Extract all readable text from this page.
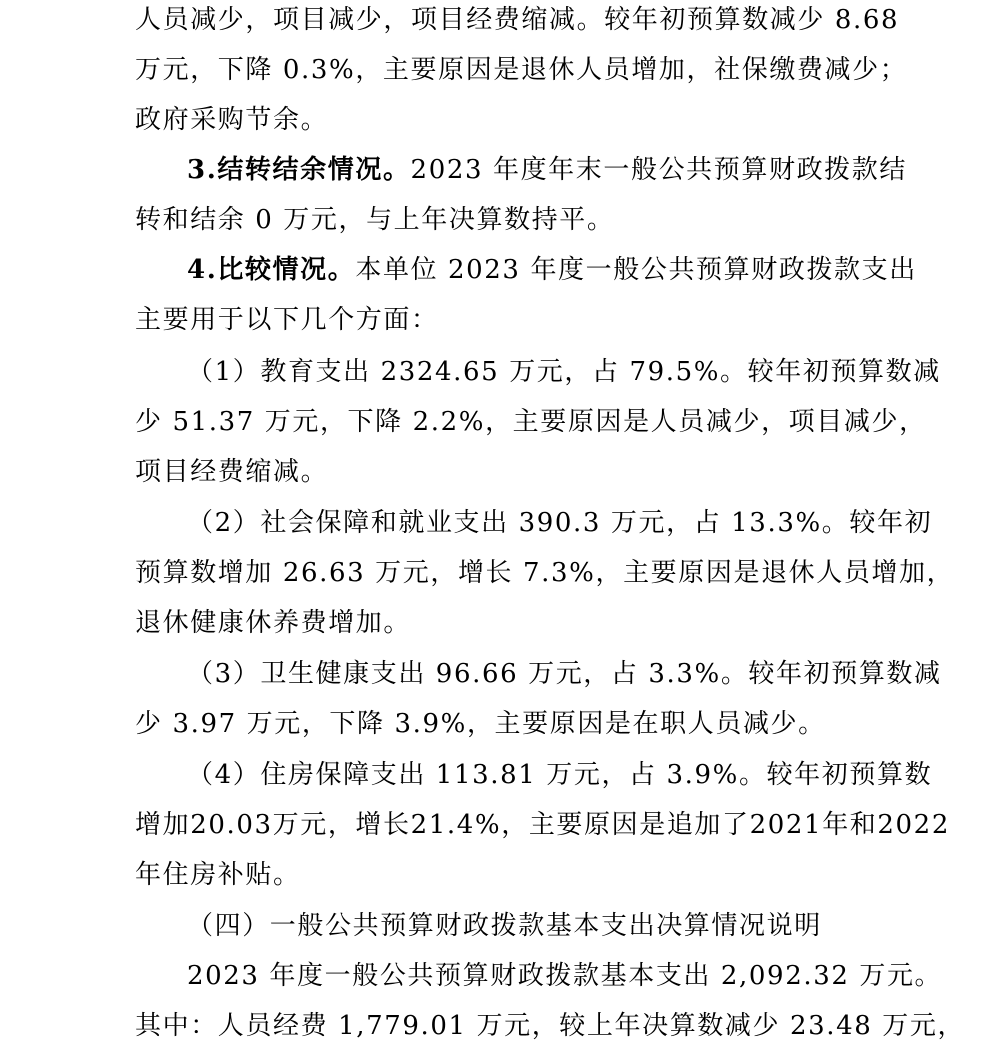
人员减少，项目减少，项目经费缩减。较年初预算数减少 8.68

万元，下降 0.3%，主要原因是退休人员增加，社保缴费减少；

政府采购节余。

3.结转结余情况。2023 年度年末一般公共预算财政拨款结

转和结余 0 万元，与上年决算数持平。

4.比较情况。本单位 2023 年度一般公共预算财政拨款支出

主要用于以下几个方面：

（1）教育支出 2324.65 万元，占 79.5%。较年初预算数减

少 51.37 万元，下降 2.2%，主要原因是人员减少，项目减少，

项目经费缩减。

（2）社会保障和就业支出 390.3 万元，占 13.3%。较年初

预算数增加 26.63 万元，增长 7.3%，主要原因是退休人员增加，

退休健康休养费增加。

（3）卫生健康支出 96.66 万元，占 3.3%。较年初预算数减

少 3.97 万元，下降 3.9%，主要原因是在职人员减少。

（4）住房保障支出 113.81 万元，占 3.9%。较年初预算数

增加20.03万元，增长21.4%，主要原因是追加了2021年和2022

年住房补贴。

（四）一般公共预算财政拨款基本支出决算情况说明

2023 年度一般公共预算财政拨款基本支出 2,092.32 万元。

其中：人员经费 1,779.01 万元，较上年决算数减少 23.48 万元，
